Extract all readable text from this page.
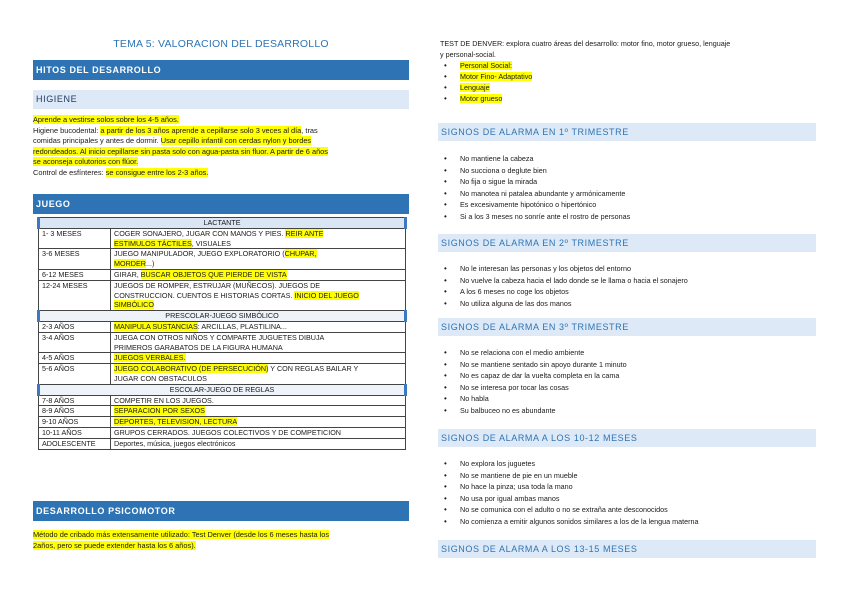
TEMA 5: VALORACION DEL DESARROLLO
HITOS DEL DESARROLLO
HIGIENE
Aprende a vestirse solos sobre los 4-5 años.
Higiene bucodental: a partir de los 3 años aprende a cepillarse solo 3 veces al día, tras
comidas principales y antes de dormir. Usar cepillo infantil con cerdas nylon y bordes
redondeados. Al inicio cepillarse sin pasta solo con agua-pasta sin fluor. A partir de 6 años
se aconseja colutorios con flúor.
Control de esfínteres: se consigue entre los 2-3 años.
JUEGO
LACTANTE	
1- 3 MESES	COGER SONAJERO, JUGAR CON MANOS Y PIES. REIR ANTE
ESTIMULOS TÁCTILES, VISUALES
3-6 MESES	JUEGO MANIPULADOR, JUEGO EXPLORATORIO (CHUPAR,
MORDER...)
6-12 MESES	GIRAR, BUSCAR OBJETOS QUE PIERDE DE VISTA
12-24 MESES	JUEGOS DE ROMPER, ESTRUJAR (MUÑECOS). JUEGOS DE
CONSTRUCCION. CUENTOS E HISTORIAS CORTAS. INICIO DEL JUEGO
SIMBÓLICO
PRESCOLAR-JUEGO SIMBÓLICO	
2-3 AÑOS	MANIPULA SUSTANCIAS: ARCILLAS, PLASTILINA...
3-4 AÑOS	JUEGA CON OTROS NIÑOS Y COMPARTE JUGUETES DIBUJA
PRIMEROS GARABATOS DE LA FIGURA HUMANA
4-5 AÑOS	JUEGOS VERBALES.
5-6 AÑOS	JUEGO COLABORATIVO (DE PERSECUCIÓN) Y CON REGLAS BAILAR Y
JUGAR CON OBSTACULOS
ESCOLAR-JUEGO DE REGLAS	
7-8 AÑOS	COMPETIR EN LOS JUEGOS.
8-9 AÑOS	SEPARACION POR SEXOS
9-10 AÑOS	DEPORTES, TELEVISION, LECTURA
10-11 AÑOS	GRUPOS CERRADOS. JUEGOS COLECTIVOS Y DE COMPETICION
ADOLESCENTE	Deportes, música, juegos electrónicos
DESARROLLO PSICOMOTOR
Método de cribado más extensamente utilizado: Test Denver (desde los 6 meses hasta los
2años, pero se puede extender hasta los 6 años).
TEST DE DENVER: explora cuatro áreas del desarrollo: motor fino, motor grueso, lenguaje
y personal-social.
• Personal Social:
• Motor Fino- Adaptativo
• Lenguaje
• Motor grueso
SIGNOS DE ALARMA EN 1º TRIMESTRE
• No mantiene la cabeza
• No succiona o deglute bien
• No fija o sigue la mirada
• No manotea ni patalea abundante y armónicamente
• Es excesivamente hipotónico o hipertónico
• Si a los 3 meses no sonríe ante el rostro de personas
SIGNOS DE ALARMA EN 2º TRIMESTRE
• No le interesan las personas y los objetos del entorno
• No vuelve la cabeza hacia el lado donde se le llama o hacia el sonajero
• A los 6 meses no coge los objetos
• No utiliza alguna de las dos manos
SIGNOS DE ALARMA EN 3º TRIMESTRE
• No se relaciona con el medio ambiente
• No se mantiene sentado sin apoyo durante 1 minuto
• No es capaz de dar la vuelta completa en la cama
• No se interesa por tocar las cosas
• No habla
• Su balbuceo no es abundante
SIGNOS DE ALARMA A LOS 10-12 MESES
• No explora los juguetes
• No se mantiene de pie en un mueble
• No hace la pinza; usa toda la mano
• No usa por igual ambas manos
• No se comunica con el adulto o no se extraña ante desconocidos
• No comienza a emitir algunos sonidos similares a los de la lengua materna
SIGNOS DE ALARMA A LOS 13-15 MESES
